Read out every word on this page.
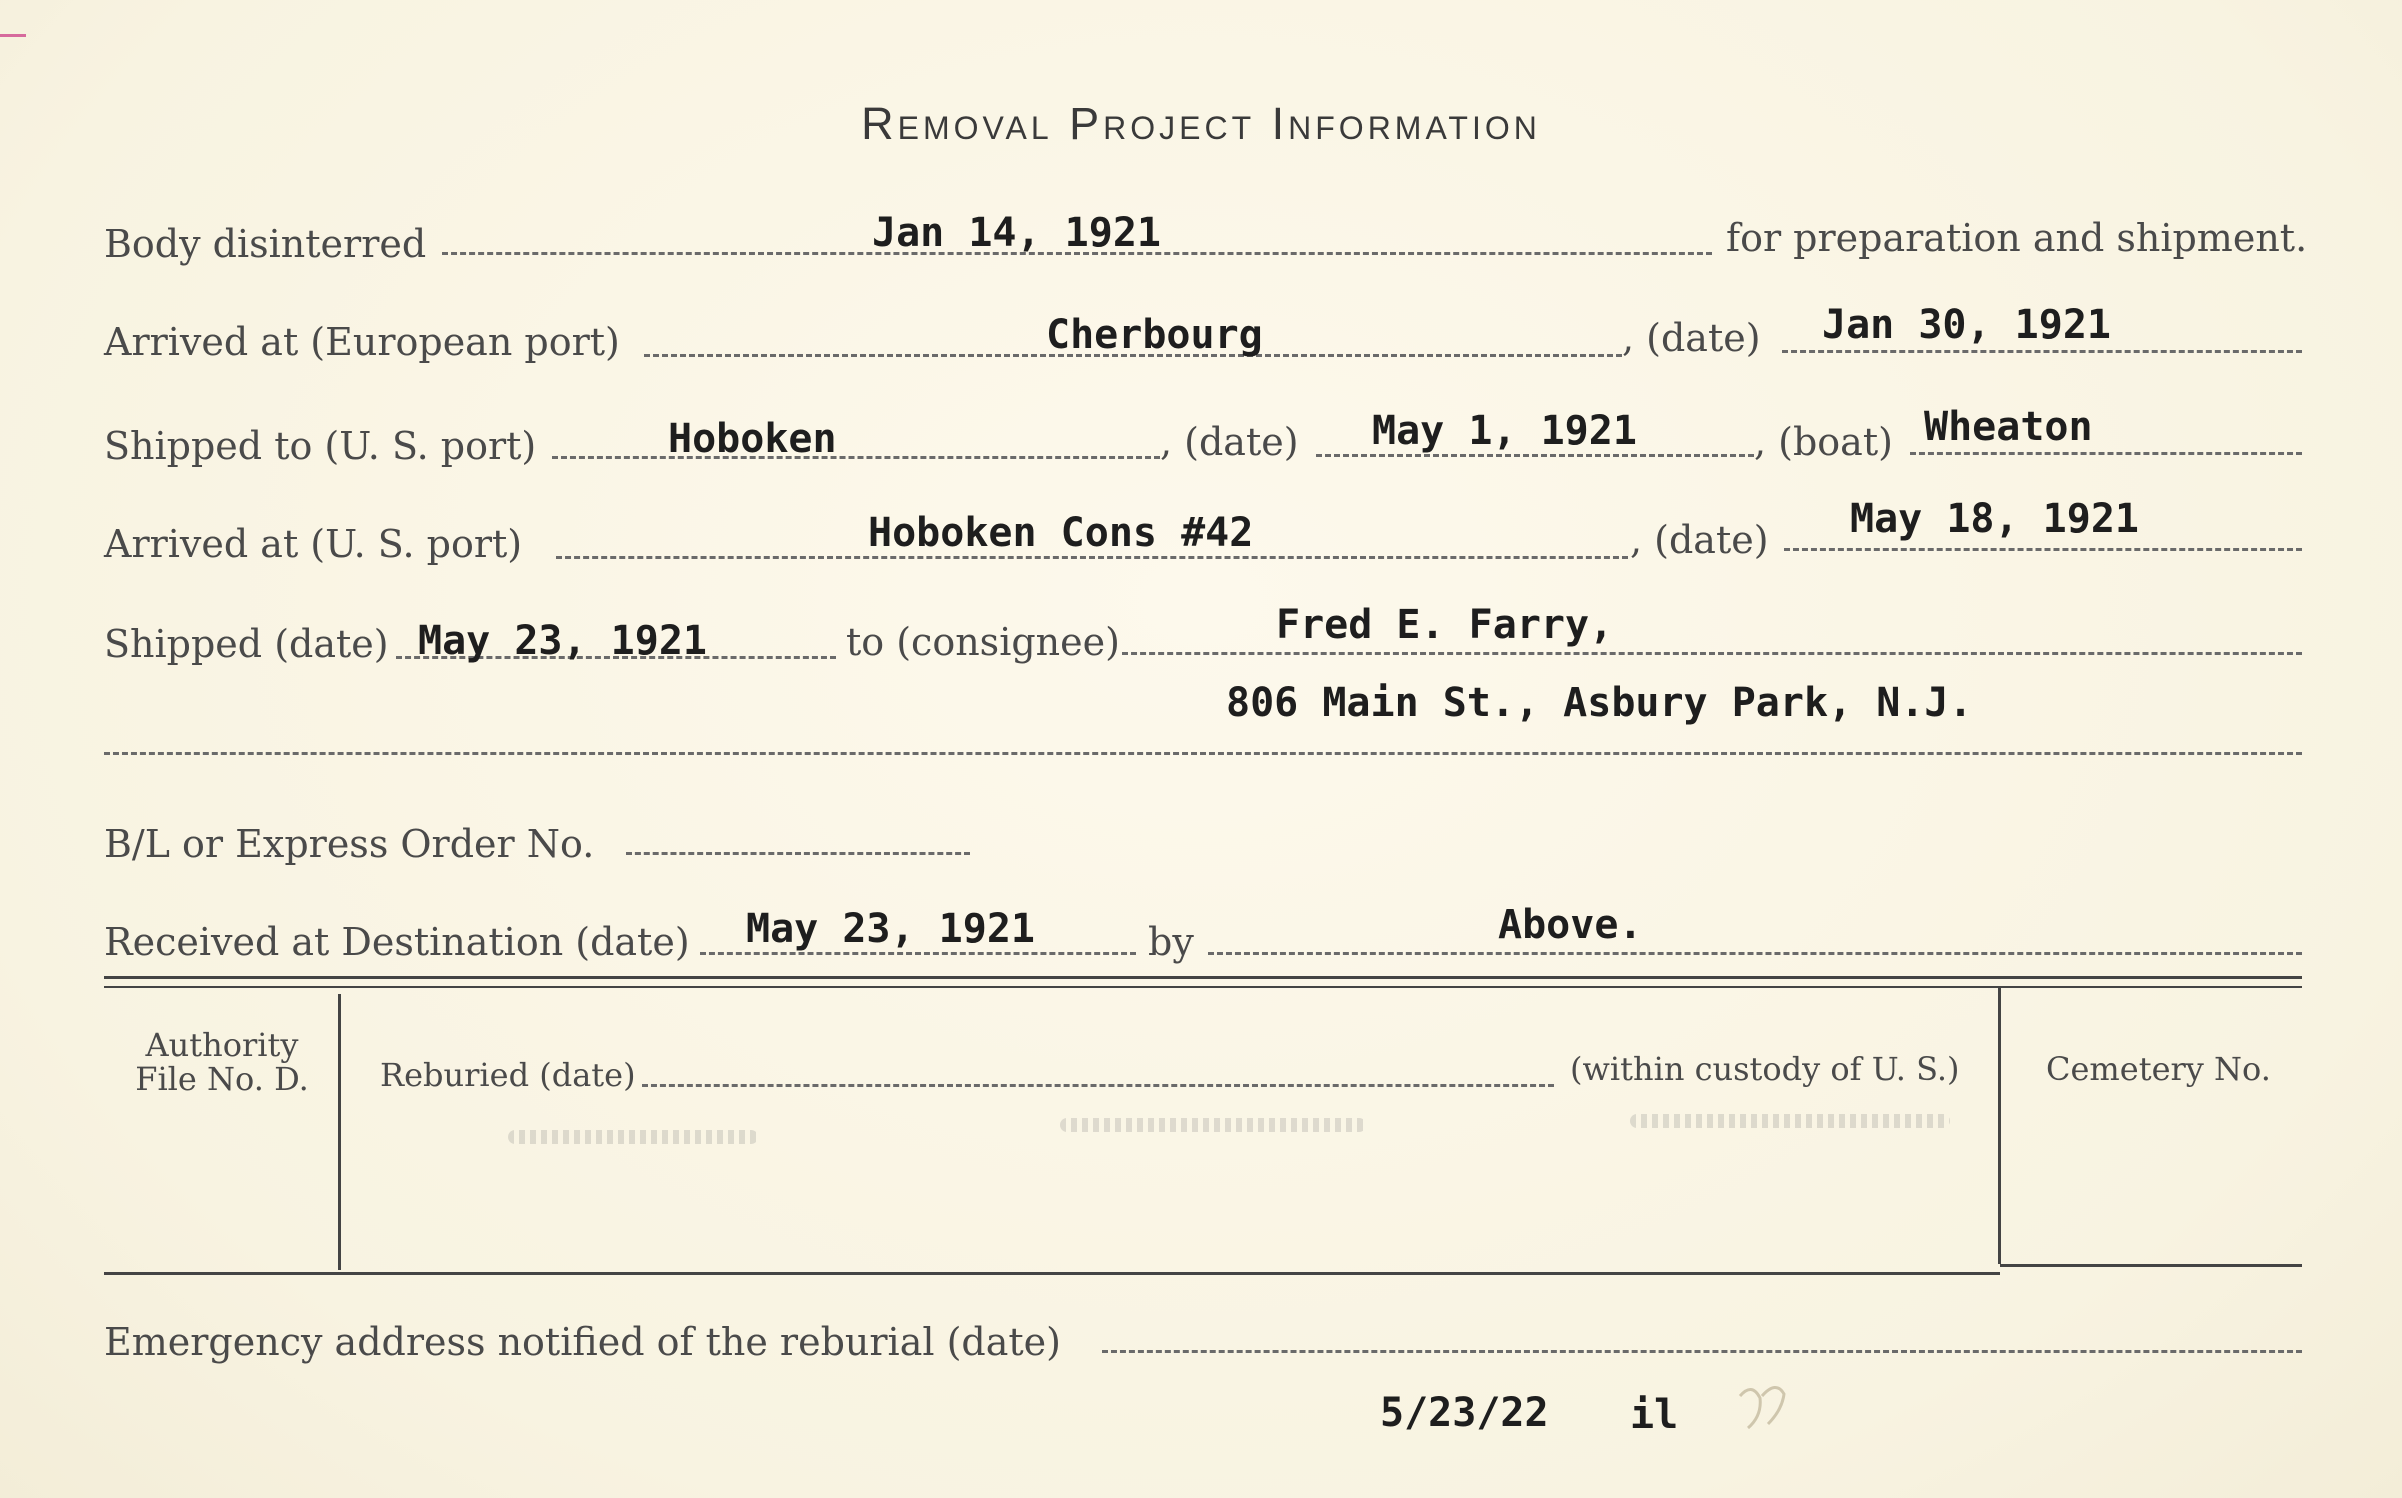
Removal Project Information
Body disinterred	Jan 14, 1921	for preparation and shipment.
Arrived at (European port)	Cherbourg	, (date) Jan 30, 1921
Shipped to (U. S. port)	Hoboken	, (date) May 1, 1921	, (boat) Wheaton
Arrived at (U. S. port)	Hoboken Cons #42	, (date) May 18, 1921
Shipped (date) May 23, 1921	to (consignee)	Fred E. Farry,
806 Main St., Asbury Park, N.J.
B/L or Express Order No.
Received at Destination (date) May 23, 1921	by	Above.
Authority
File No. D.	Reburied (date)	(within custody of U. S.)	Cemetery No.
Emergency address notified of the reburial (date)
5/23/22 il
